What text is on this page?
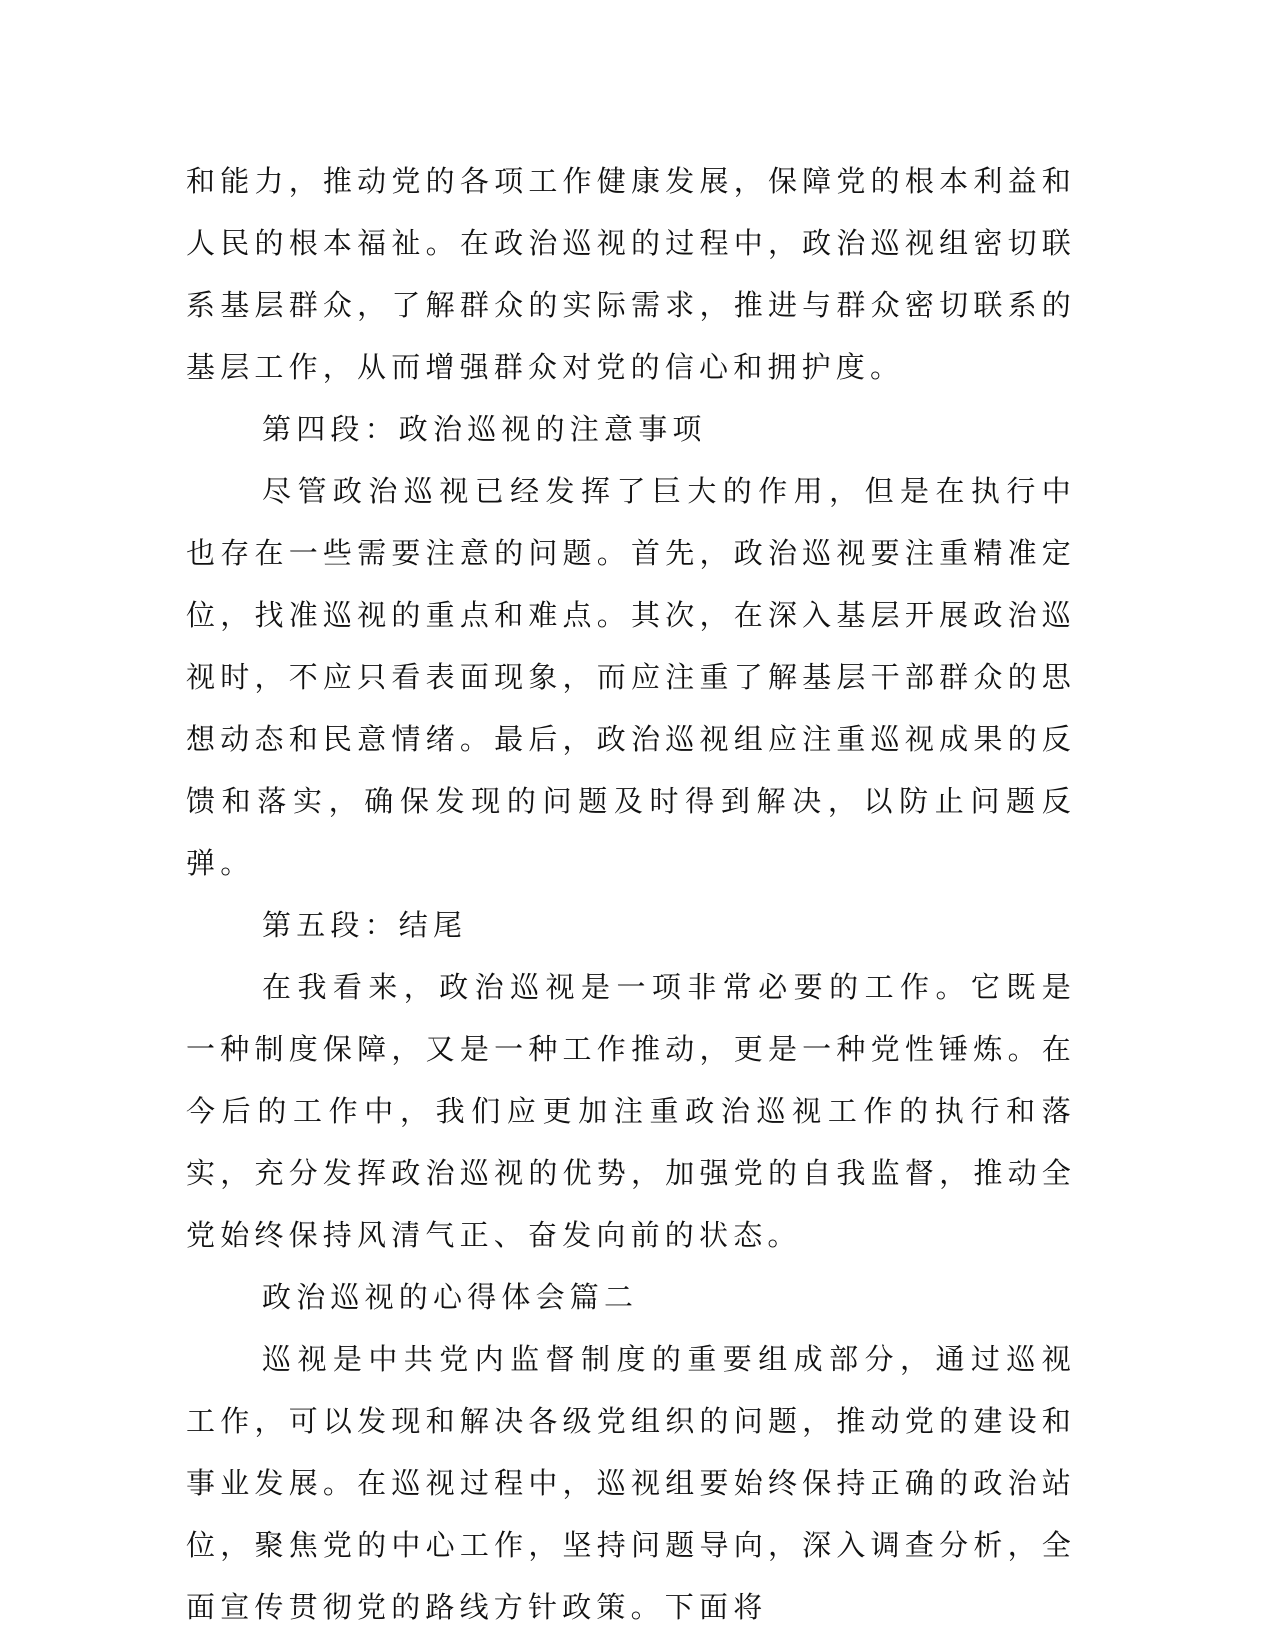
和能力，推动党的各项工作健康发展，保障党的根本利益和人民的根本福祉。在政治巡视的过程中，政治巡视组密切联系基层群众，了解群众的实际需求，推进与群众密切联系的基层工作，从而增强群众对党的信心和拥护度。

第四段：政治巡视的注意事项

尽管政治巡视已经发挥了巨大的作用，但是在执行中也存在一些需要注意的问题。首先，政治巡视要注重精准定位，找准巡视的重点和难点。其次，在深入基层开展政治巡视时，不应只看表面现象，而应注重了解基层干部群众的思想动态和民意情绪。最后，政治巡视组应注重巡视成果的反馈和落实，确保发现的问题及时得到解决，以防止问题反弹。

第五段：结尾

在我看来，政治巡视是一项非常必要的工作。它既是一种制度保障，又是一种工作推动，更是一种党性锤炼。在今后的工作中，我们应更加注重政治巡视工作的执行和落实，充分发挥政治巡视的优势，加强党的自我监督，推动全党始终保持风清气正、奋发向前的状态。

政治巡视的心得体会篇二

巡视是中共党内监督制度的重要组成部分，通过巡视工作，可以发现和解决各级党组织的问题，推动党的建设和事业发展。在巡视过程中，巡视组要始终保持正确的政治站位，聚焦党的中心工作，坚持问题导向，深入调查分析，全面宣传贯彻党的路线方针政策。下面将
